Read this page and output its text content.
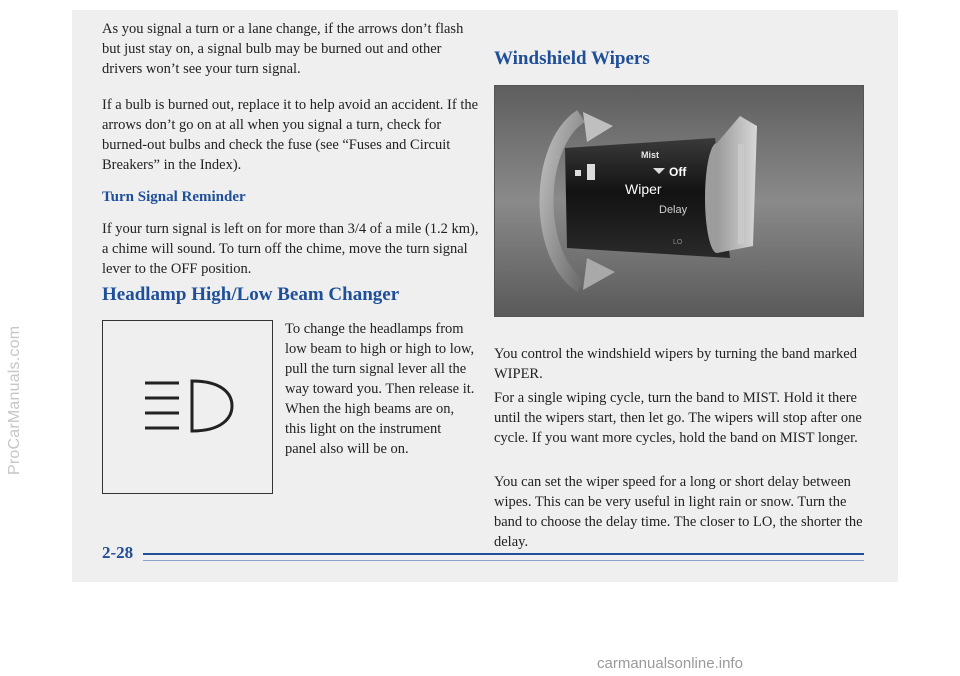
ProCarManuals.com

As you signal a turn or a lane change, if the arrows don’t flash but just stay on, a signal bulb may be burned out and other drivers won’t see your turn signal.

If a bulb is burned out, replace it to help avoid an accident. If the arrows don’t go on at all when you signal a turn, check for burned-out bulbs and check the fuse (see “Fuses and Circuit Breakers” in the Index).

Turn Signal Reminder

If your turn signal is left on for more than 3/4 of a mile (1.2 km), a chime will sound. To turn off the chime, move the turn signal lever to the OFF position.

Headlamp High/Low Beam Changer

To change the headlamps from low beam to high or high to low, pull the turn signal lever all the way toward you. Then release it. When the high beams are on, this light on the instrument panel also will be on.

Windshield Wipers
Mist
Off
Wiper
Delay
LO

You control the windshield wipers by turning the band marked WIPER.

For a single wiping cycle, turn the band to MIST. Hold it there until the wipers start, then let go. The wipers will stop after one cycle. If you want more cycles, hold the band on MIST longer.

You can set the wiper speed for a long or short delay between wipes. This can be very useful in light rain or snow. Turn the band to choose the delay time. The closer to LO, the shorter the delay.

2-28
carmanualsonline.info
